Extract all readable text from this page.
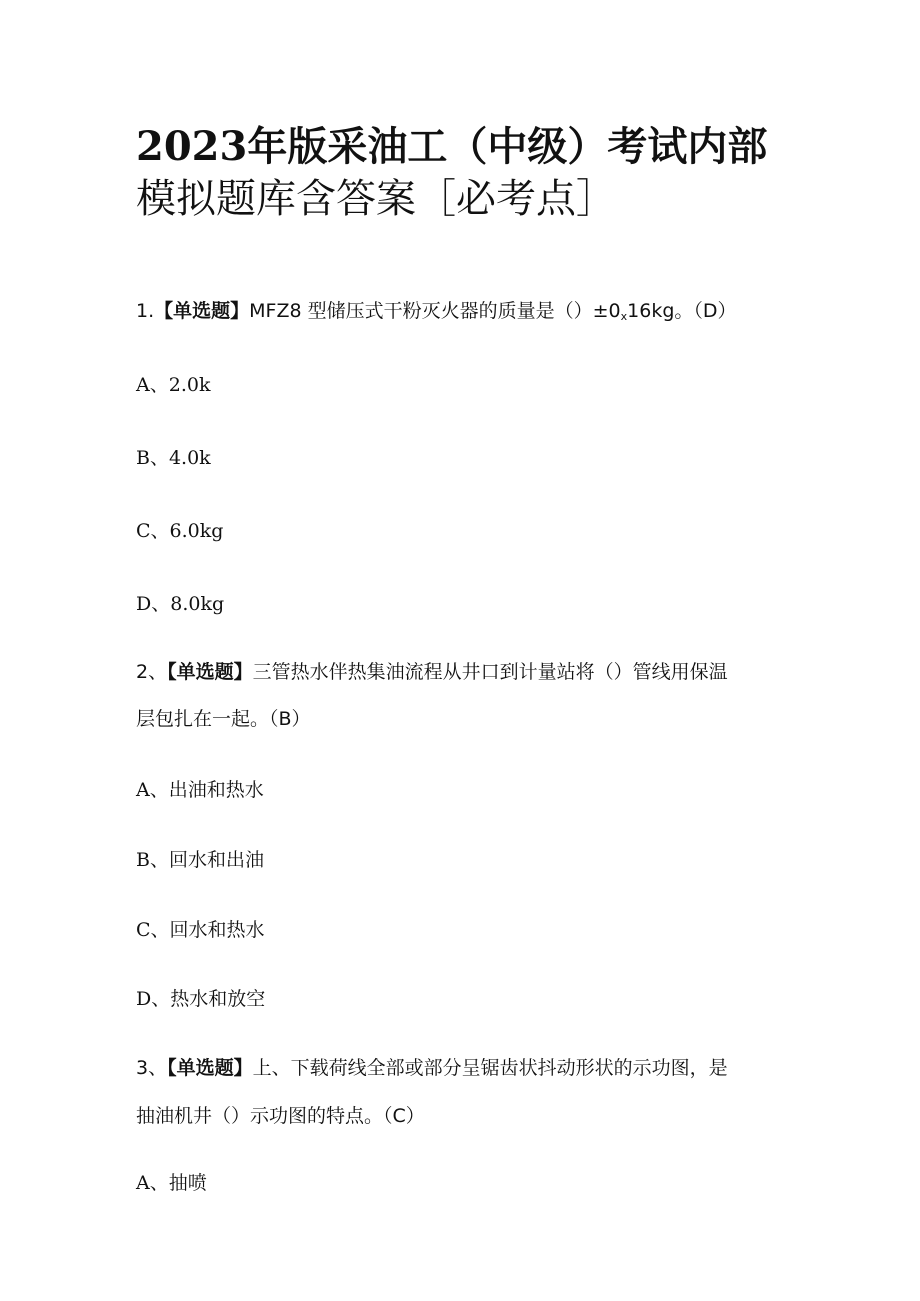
2023年版采油工（中级）考试内部
模拟题库含答案［必考点］
1.【单选题】MFZ8 型储压式干粉灭火器的质量是$()\pm 0_x16kg$。（D）
A、2.0k
B、4.0k
C、6.0kg
D、8.0kg
2、【单选题】三管热水伴热集油流程从井口到计量站将（）管线用保温
层包扎在一起。（B）
A、出油和热水
B、回水和出油
C、回水和热水
D、热水和放空
3、【单选题】上、下载荷线全部或部分呈锯齿状抖动形状的示功图，是
抽油机井（）示功图的特点。（C）
A、抽喷
